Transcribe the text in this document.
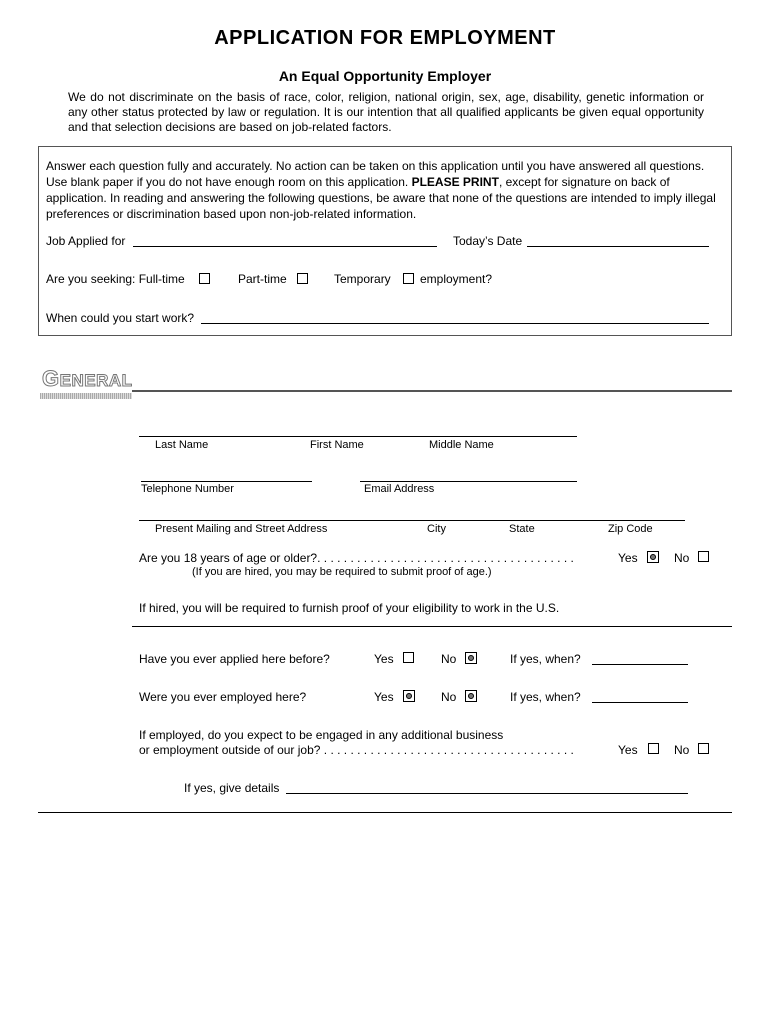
APPLICATION FOR EMPLOYMENT
An Equal Opportunity Employer
We do not discriminate on the basis of race, color, religion, national origin, sex, age, disability, genetic information or any other status protected by law or regulation. It is our intention that all qualified applicants be given equal opportunity and that selection decisions are based on job-related factors.
Answer each question fully and accurately. No action can be taken on this application until you have answered all questions. Use blank paper if you do not have enough room on this application. PLEASE PRINT, except for signature on back of application. In reading and answering the following questions, be aware that none of the questions are intended to imply illegal preferences or discrimination based upon non-job-related information.
Job Applied for	Today’s Date
Are you seeking: Full-time	Part-time	Temporary employment?
When could you start work?
GENERAL
Last Name	First Name	Middle Name
Telephone Number	Email Address
Present Mailing and Street Address	City	State	Zip Code
Are you 18 years of age or older?. . . . . . . . . . . . . . . . . . . . . . . . . . . . . . . . . . . . . . .	Yes	No
(If you are hired, you may be required to submit proof of age.)
If hired, you will be required to furnish proof of your eligibility to work in the U.S.
Have you ever applied here before?	Yes	No	If yes, when?
Were you ever employed here?	Yes	No	If yes, when?
If employed, do you expect to be engaged in any additional business
or employment outside of our job? . . . . . . . . . . . . . . . . . . . . . . . . . . . . . . . . . . . . . .	Yes	No
If yes, give details
